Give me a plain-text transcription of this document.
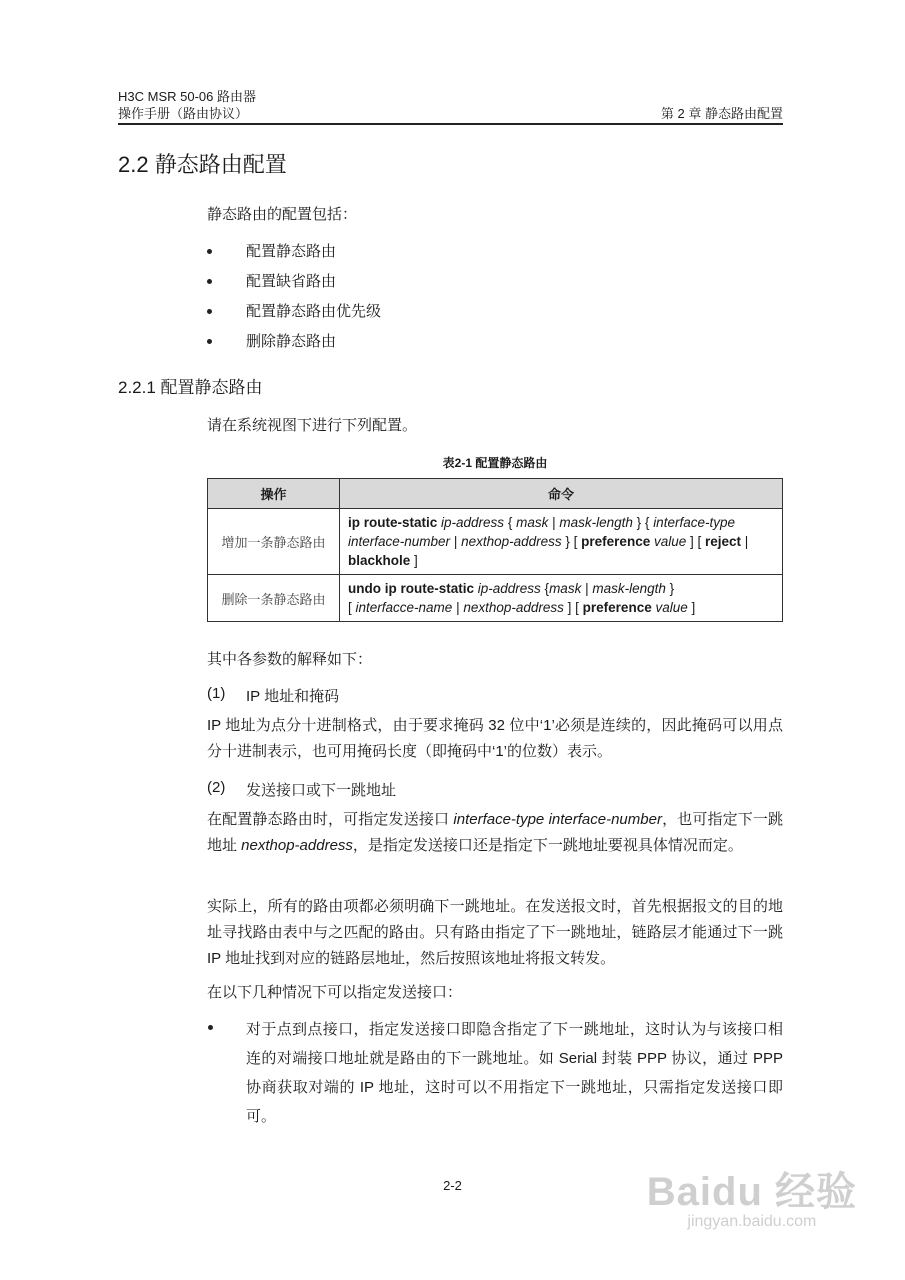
H3C MSR 50-06 路由器
操作手册（路由协议）	第 2 章 静态路由配置
2.2 静态路由配置
静态路由的配置包括：
配置静态路由
配置缺省路由
配置静态路由优先级
删除静态路由
2.2.1 配置静态路由
请在系统视图下进行下列配置。
表2-1 配置静态路由
操作	命令
增加一条静态路由	ip route-static ip-address { mask | mask-length } { interface-type interface-number | nexthop-address } [ preference value ] [ reject | blackhole ]
删除一条静态路由	undo ip route-static ip-address {mask | mask-length }
[ interfacce-name | nexthop-address ] [ preference value ]
其中各参数的解释如下：
(1) IP 地址和掩码
IP 地址为点分十进制格式，由于要求掩码 32 位中‘1’必须是连续的，因此掩码可以用点分十进制表示，也可用掩码长度（即掩码中‘1’的位数）表示。
(2) 发送接口或下一跳地址
在配置静态路由时，可指定发送接口 interface-type interface-number，也可指定下一跳地址 nexthop-address，是指定发送接口还是指定下一跳地址要视具体情况而定。
实际上，所有的路由项都必须明确下一跳地址。在发送报文时，首先根据报文的目的地址寻找路由表中与之匹配的路由。只有路由指定了下一跳地址，链路层才能通过下一跳 IP 地址找到对应的链路层地址，然后按照该地址将报文转发。
在以下几种情况下可以指定发送接口：
对于点到点接口，指定发送接口即隐含指定了下一跳地址，这时认为与该接口相连的对端接口地址就是路由的下一跳地址。如 Serial 封装 PPP 协议，通过 PPP 协商获取对端的 IP 地址，这时可以不用指定下一跳地址，只需指定发送接口即可。
2-2	Baidu 经验
jingyan.baidu.com
